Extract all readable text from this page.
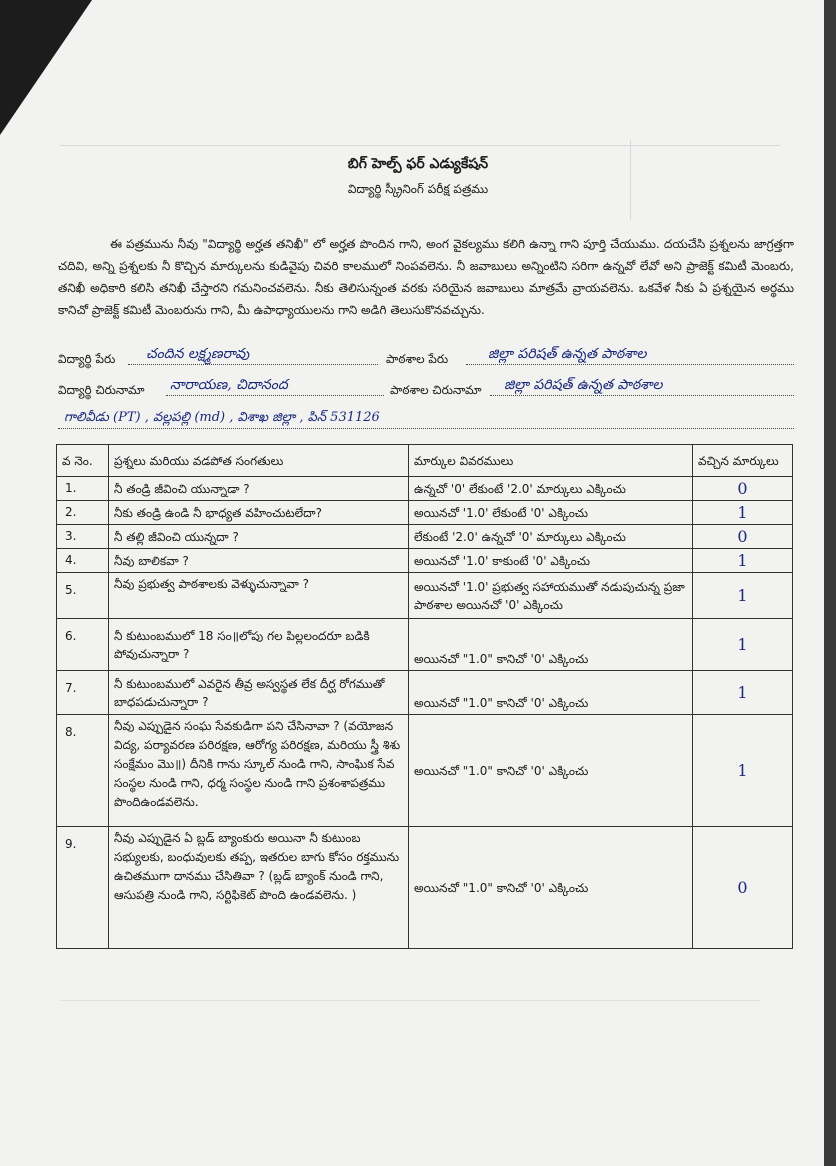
బిగ్ హెల్ప్ ఫర్ ఎడ్యుకేషన్
విద్యార్థి స్క్రీనింగ్ పరీక్ష పత్రము
ఈ పత్రమును నీవు "విద్యార్థి అర్హత తనిఖీ" లో అర్హత పొందిన గాని, అంగ వైకల్యము కలిగి ఉన్నా గాని పూర్తి చేయుము. దయచేసి ప్రశ్నలను జాగ్రత్తగా చదివి, అన్ని ప్రశ్నలకు నీ కొచ్చిన మార్కులను కుడివైపు చివరి కాలములో నింపవలెను. నీ జవాబులు అన్నింటిని సరిగా ఉన్నవో లేవో అని ప్రాజెక్ట్ కమిటీ మెంబరు, తనిఖీ అధికారి కలిసి తనిఖీ చేస్తారని గమనించవలెను. నీకు తెలిసున్నంత వరకు సరియైన జవాబులు మాత్రమే వ్రాయవలెను. ఒకవేళ నీకు ఏ ప్రశ్నయైన అర్థము కానిచో ప్రాజెక్ట్ కమిటీ మెంబరును గాని, మీ ఉపాధ్యాయులను గాని అడిగి తెలుసుకొనవచ్చును.
విద్యార్థి పేరు చందిన లక్ష్మణరావు	పాఠశాల పేరు	జిల్లా పరిషత్ ఉన్నత పాఠశాల
విద్యార్థి చిరునామా నారాయణ, చిదానంద	పాఠశాల చిరునామా జిల్లా పరిషత్ ఉన్నత పాఠశాల
గాలివీడు (PT) , వల్లపల్లి (md) , విశాఖ జిల్లా , పిన్ 531126
వ నెం.	ప్రశ్నలు మరియు వడపోత సంగతులు	మార్కుల వివరములు	వచ్చిన మార్కులు
1.	నీ తండ్రి జీవించి యున్నాడా ?	ఉన్నచో '0' లేకుంటే '2.0' మార్కులు ఎక్కించు	0
2.	నీకు తండ్రి ఉండి నీ భాధ్యత వహించుటలేదా?	అయినచో '1.0' లేకుంటే '0' ఎక్కించు	1
3.	నీ తల్లి జీవించి యున్నదా ?	లేకుంటే '2.0' ఉన్నచో '0' మార్కులు ఎక్కించు	0
4.	నీవు బాలికవా ?	అయినచో '1.0' కాకుంటే '0' ఎక్కించు	1
5.	నీవు ప్రభుత్వ పాఠశాలకు వెళ్ళుచున్నావా ?	అయినచో '1.0' ప్రభుత్వ సహాయముతో నడుపుచున్న ప్రజా పాఠశాల అయినచో '0' ఎక్కించు	1
6.	నీ కుటుంబములో 18 సం॥లోపు గల పిల్లలందరూ బడికి పోవుచున్నారా ?	అయినచో "1.0" కానిచో '0' ఎక్కించు	1
7.	నీ కుటుంబములో ఎవరైన తీవ్ర అస్వస్థత లేక దీర్ఘ రోగముతో బాధపడుచున్నారా ?	అయినచో "1.0" కానిచో '0' ఎక్కించు	1
8.	నీవు ఎప్పుడైన సంఘ సేవకుడిగా పని చేసినావా ? (వయోజన విద్య, పర్యావరణ పరిరక్షణ, ఆరోగ్య పరిరక్షణ, మరియు స్త్రీ శిశు సంక్షేమం మొ॥) దీనికి గాను స్కూల్ నుండి గాని, సాంఘిక సేవ సంస్థల నుండి గాని, ధర్మ సంస్థల నుండి గాని ప్రశంశాపత్రము పొందిఉండవలెను.	అయినచో "1.0" కానిచో '0' ఎక్కించు	1
9.	నీవు ఎప్పుడైన ఏ బ్లడ్ బ్యాంకురు అయినా నీ కుటుంబ సభ్యులకు, బంధువులకు తప్ప, ఇతరుల బాగు కోసం రక్తమును ఉచితముగా దానము చేసితివా ? (బ్లడ్ బ్యాంక్ నుండి గాని, ఆసుపత్రి నుండి గాని, సర్టిఫికెట్ పొంది ఉండవలెను. )	అయినచో "1.0" కానిచో '0' ఎక్కించు	0
